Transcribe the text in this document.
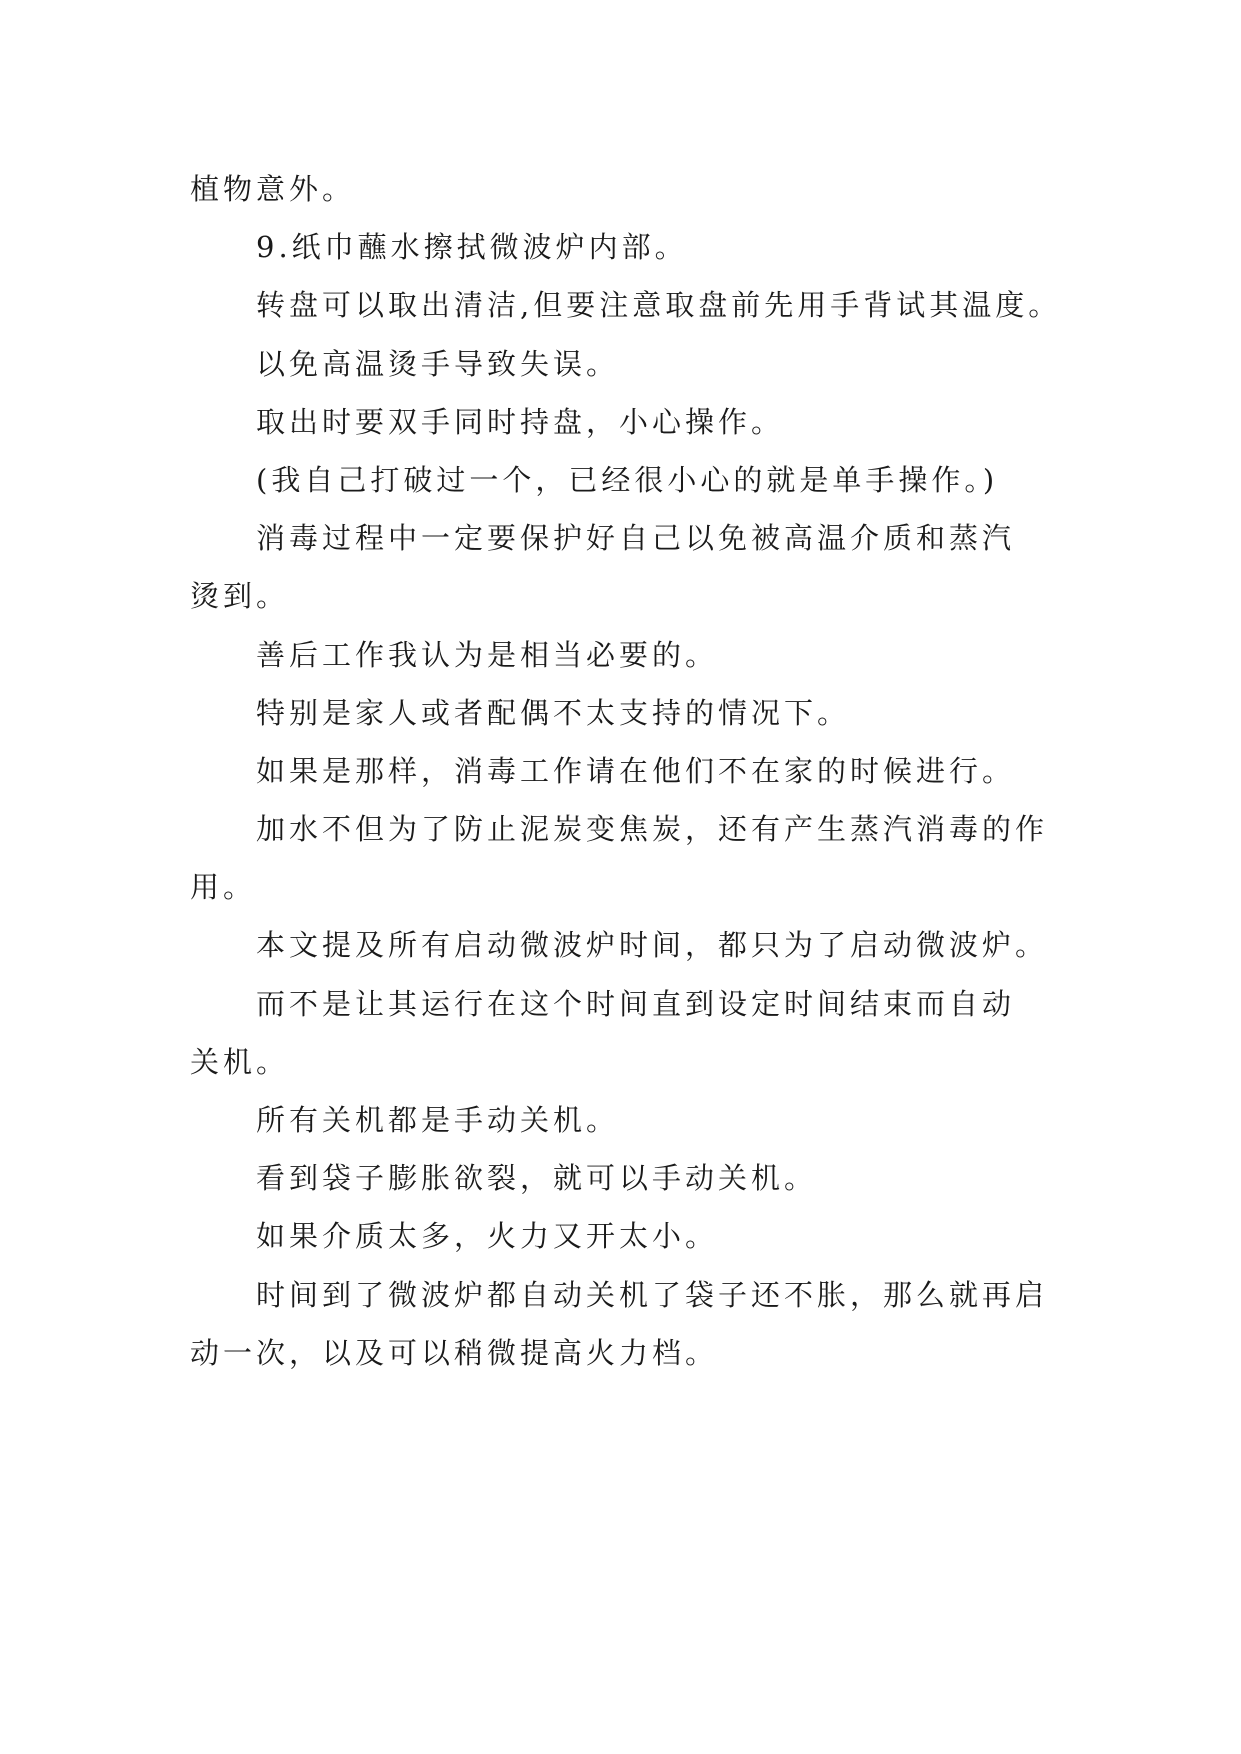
植物意外。
9.纸巾蘸水擦拭微波炉内部。
转盘可以取出清洁,但要注意取盘前先用手背试其温度。
以免高温烫手导致失误。
取出时要双手同时持盘，小心操作。
(我自己打破过一个，已经很小心的就是单手操作。)
消毒过程中一定要保护好自己以免被高温介质和蒸汽
烫到。
善后工作我认为是相当必要的。
特别是家人或者配偶不太支持的情况下。
如果是那样，消毒工作请在他们不在家的时候进行。
加水不但为了防止泥炭变焦炭，还有产生蒸汽消毒的作
用。
本文提及所有启动微波炉时间，都只为了启动微波炉。
而不是让其运行在这个时间直到设定时间结束而自动
关机。
所有关机都是手动关机。
看到袋子膨胀欲裂，就可以手动关机。
如果介质太多，火力又开太小。
时间到了微波炉都自动关机了袋子还不胀，那么就再启
动一次，以及可以稍微提高火力档。
